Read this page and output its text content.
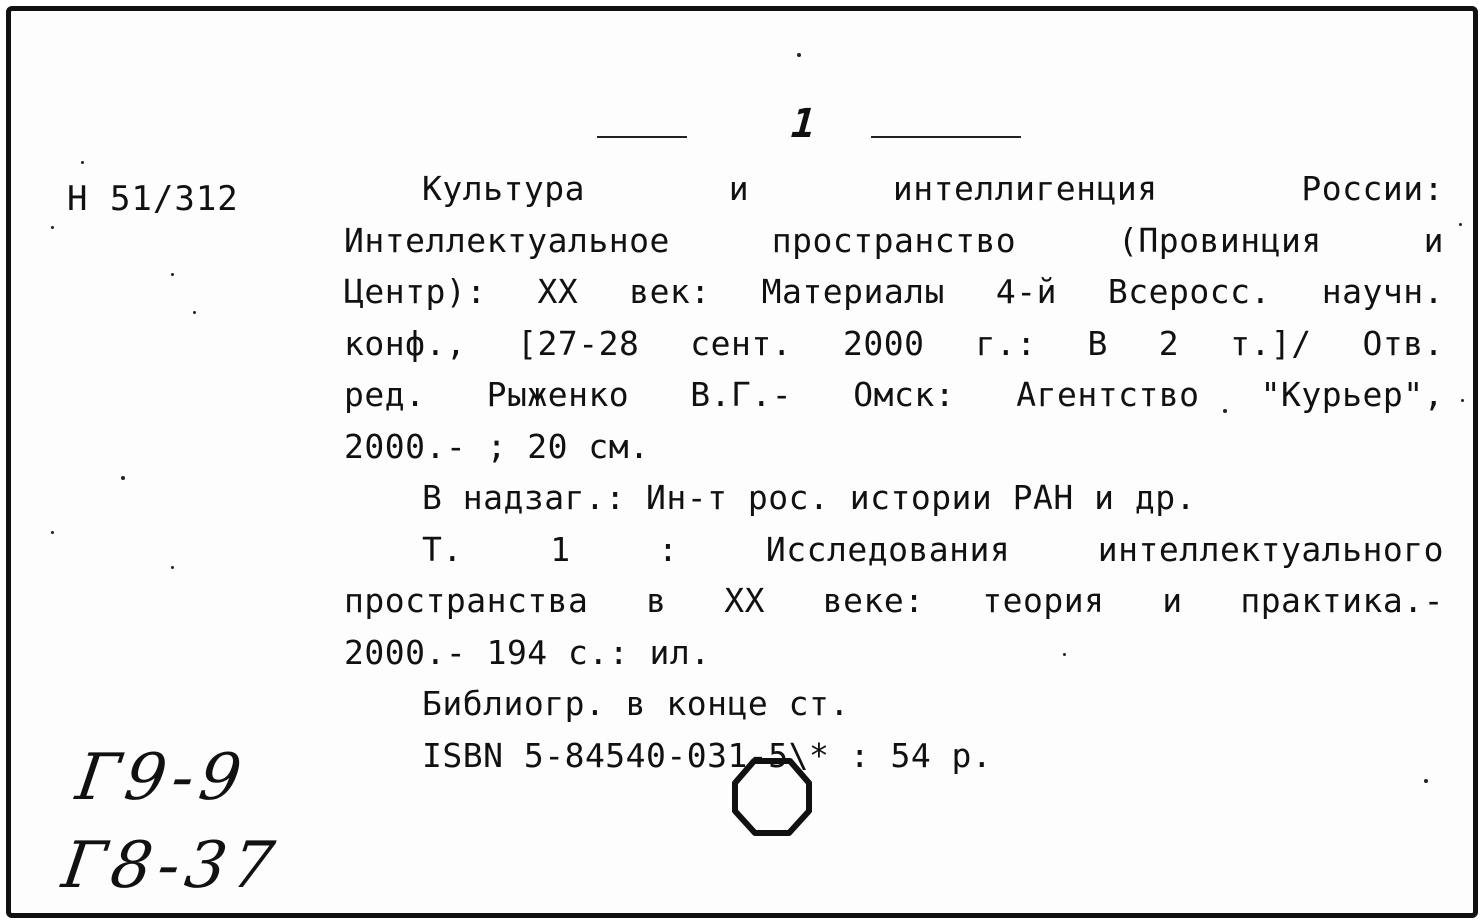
1
Н 51/312	Культура и интеллигенция России:
Интеллектуальное пространство (Провинция и
Центр): XX век: Материалы 4-й Всеросс. научн.
конф., [27-28 сент. 2000 г.: В 2 т.]/ Отв.
ред. Рыженко В.Г.- Омск: Агентство "Курьер",
2000.- ; 20 см.
В надзаг.: Ин-т рос. истории РАН и др.
Т. 1 : Исследования интеллектуального
пространства в XX веке: теория и практика.-
2000.- 194 с.: ил.
Библиогр. в конце ст.
ISBN 5-84540-031-5\* : 54 р.
Г9-9
Г8-37
